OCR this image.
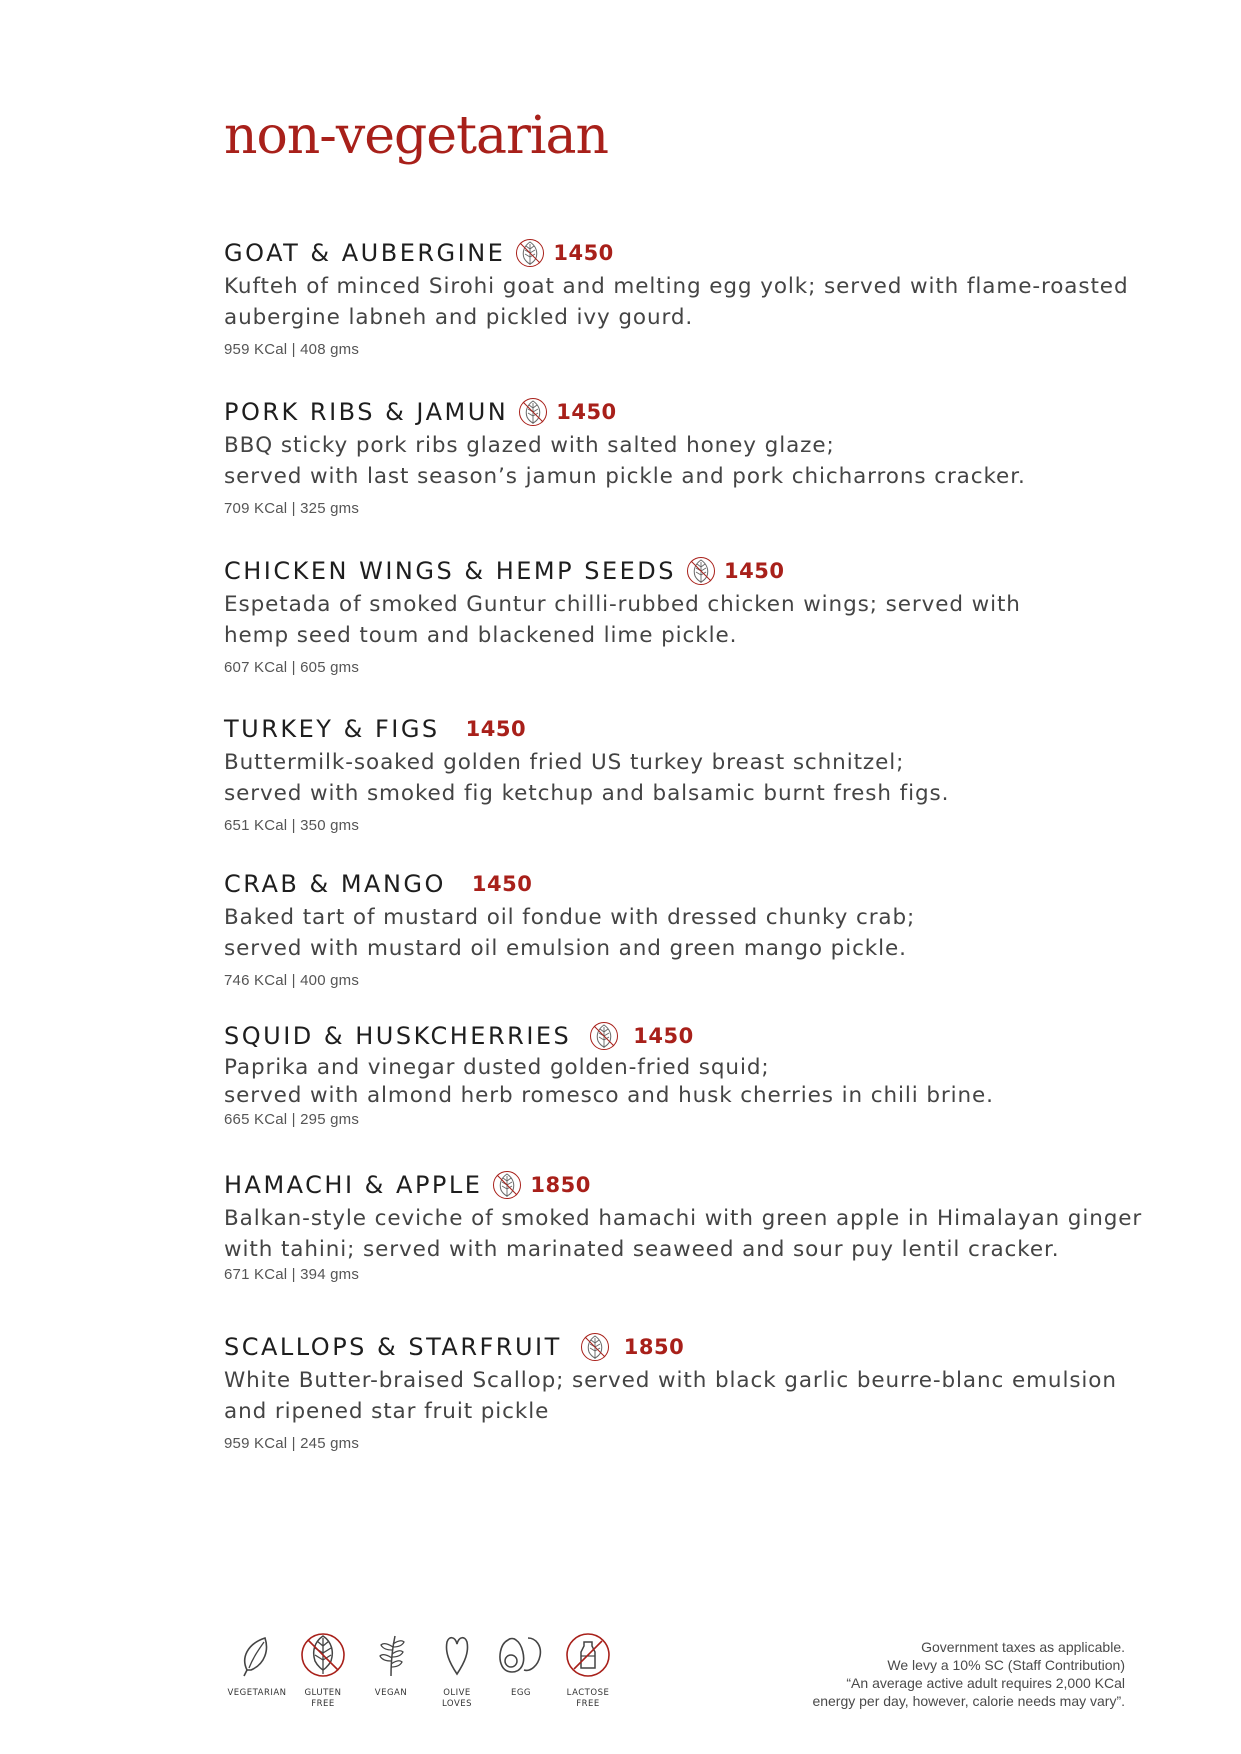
non-vegetarian
GOAT & AUBERGINE 1450
Kufteh of minced Sirohi goat and melting egg yolk; served with flame-roasted
aubergine labneh and pickled ivy gourd.
959 KCal | 408 gms
PORK RIBS & JAMUN 1450
BBQ sticky pork ribs glazed with salted honey glaze;
served with last season’s jamun pickle and pork chicharrons cracker.
709 KCal | 325 gms
CHICKEN WINGS & HEMP SEEDS 1450
Espetada of smoked Guntur chilli-rubbed chicken wings; served with
hemp seed toum and blackened lime pickle.
607 KCal | 605 gms
TURKEY & FIGS 1450
Buttermilk-soaked golden fried US turkey breast schnitzel;
served with smoked fig ketchup and balsamic burnt fresh figs.
651 KCal | 350 gms
CRAB & MANGO 1450
Baked tart of mustard oil fondue with dressed chunky crab;
served with mustard oil emulsion and green mango pickle.
746 KCal | 400 gms
SQUID & HUSKCHERRIES	1450
Paprika and vinegar dusted golden-fried squid;
served with almond herb romesco and husk cherries in chili brine.
665 KCal | 295 gms
HAMACHI & APPLE 1850
Balkan-style ceviche of smoked hamachi with green apple in Himalayan ginger
with tahini; served with marinated seaweed and sour puy lentil cracker.
671 KCal | 394 gms
SCALLOPS & STARFRUIT	1850
White Butter-braised Scallop; served with black garlic beurre-blanc emulsion
and ripened star fruit pickle
959 KCal | 245 gms
VEGETARIAN	GLUTEN
FREE
VEGAN	OLIVE
LOVES
EGG	LACTOSE
FREE
Government taxes as applicable.
We levy a 10% SC (Staff Contribution)
“An average active adult requires 2,000 KCal
energy per day, however, calorie needs may vary”.
